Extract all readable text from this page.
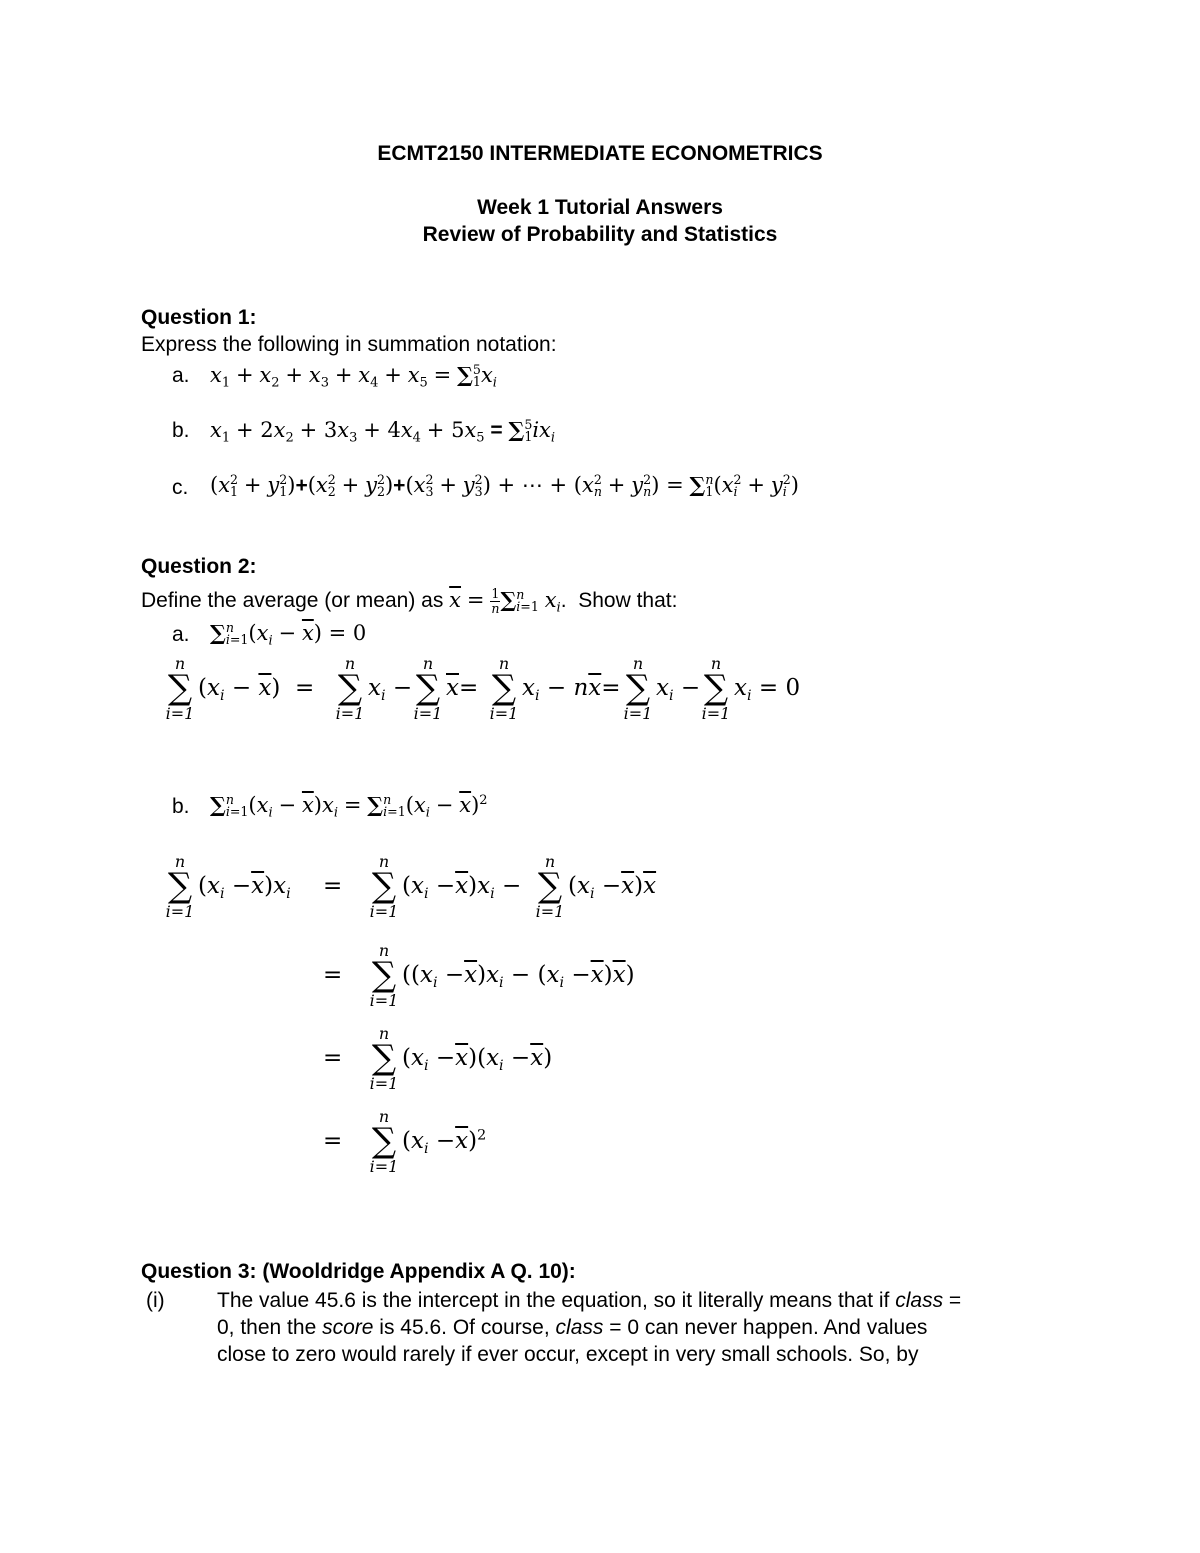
ECMT2150 INTERMEDIATE ECONOMETRICS
Week 1 Tutorial Answers
Review of Probability and Statistics
Question 1:
Express the following in summation notation:
a. $x_1 + x_2 + x_3 + x_4 + x_5$ = ∑ 5
1 $x_i$
b. $x_1 + 2x_2 + 3x_3 + 4x_4 + 5x_5$ = ∑ 5
1 $ix_i$
c. (x 2
1 + y 2
1 )+(x 2
2 + y 2
2 )+(x 2
3 + y 2
3 ) + ⋯ + (x 2
n + y 2
n ) = ∑ n
1 (x 2
i + y 2
i )
Question 2:
Define the average (or mean) as $\overline{x} = \frac{1}{n}$ ∑ n
i=1 $x_i$.  Show that:
a. ∑ n
i=1 $(x_i - \overline{x}) = 0$
n
∑
i=1
$(x_i - \overline{x})$ =
n
∑
i=1
$x_i$ −
n
∑
i=1
$\overline{x}=$
n
∑
i=1
$x_i - n\overline{x}=$
n
∑
i=1
$x_i$ −
n
∑
i=1
$x_i = 0$
b. ∑ n
i=1 $(x_i - \overline{x})x_i$ = ∑ n
i=1 $(x_i - \overline{x})^2$
n
∑
i=1
$(x_i -\overline{x})x_i$ =
n
∑
i=1
$(x_i -\overline{x})x_i$ −
n
∑
i=1
$(x_i -\overline{x})\overline{x}$
=
n
∑
i=1
$((x_i -\overline{x})x_i - (x_i -\overline{x})\overline{x})$
=
n
∑
i=1
$(x_i -\overline{x})(x_i -\overline{x})$
=
n
∑
i=1
$(x_i -\overline{x})^2$
Question 3: (Wooldridge Appendix A Q. 10):
(i) The value 45.6 is the intercept in the equation, so it literally means that if class =
0, then the score is 45.6. Of course, class = 0 can never happen. And values
close to zero would rarely if ever occur, except in very small schools. So, by
